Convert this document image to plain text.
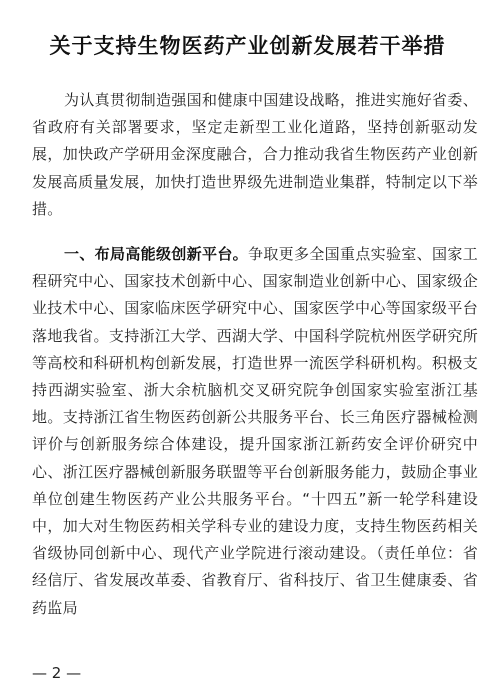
关于支持生物医药产业创新发展若干举措

为认真贯彻制造强国和健康中国建设战略，推进实施好省委、省政府有关部署要求，坚定走新型工业化道路，坚持创新驱动发展，加快政产学研用金深度融合，合力推动我省生物医药产业创新发展高质量发展，加快打造世界级先进制造业集群，特制定以下举措。

一、布局高能级创新平台。争取更多全国重点实验室、国家工程研究中心、国家技术创新中心、国家制造业创新中心、国家级企业技术中心、国家临床医学研究中心、国家医学中心等国家级平台落地我省。支持浙江大学、西湖大学、中国科学院杭州医学研究所等高校和科研机构创新发展，打造世界一流医学科研机构。积极支持西湖实验室、浙大余杭脑机交叉研究院争创国家实验室浙江基地。支持浙江省生物医药创新公共服务平台、长三角医疗器械检测评价与创新服务综合体建设，提升国家浙江新药安全评价研究中心、浙江医疗器械创新服务联盟等平台创新服务能力，鼓励企事业单位创建生物医药产业公共服务平台。“十四五”新一轮学科建设中，加大对生物医药相关学科专业的建设力度，支持生物医药相关省级协同创新中心、现代产业学院进行滚动建设。（责任单位：省经信厅、省发展改革委、省教育厅、省科技厅、省卫生健康委、省药监局

— 2 —
